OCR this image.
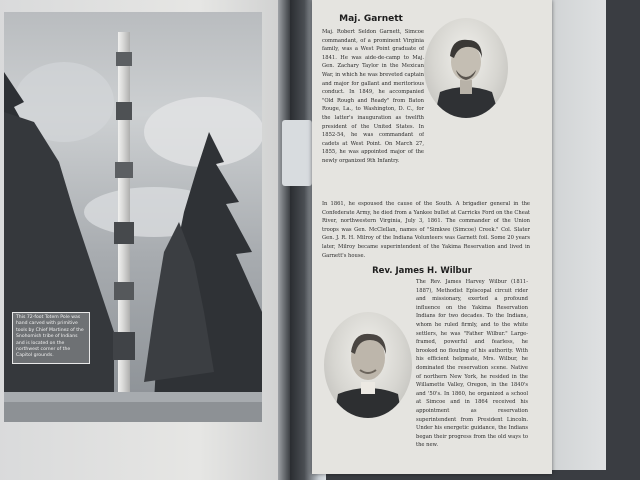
This 72-foot Totem Pole was hand carved with primitive tools by Chief Martinez of the Snohomish tribe of Indians and is located on the northwest corner of the Capitol grounds.
Maj. Garnett
Maj. Robert Seldon Garnett, Simcoe commandant, of a prominent Virginia family, was a West Point graduate of 1841. He was aide-de-camp to Maj. Gen. Zachary Taylor in the Mexican War, in which he was breveted captain and major for gallant and meritorious conduct. In 1849, he accompanied "Old Rough and Ready" from Baton Rouge, La., to Washington, D. C., for the latter's inauguration as twelfth president of the United States. In 1852-54, he was commandant of cadets at West Point. On March 27, 1855, he was appointed major of the newly organized 9th Infantry.
In 1861, he espoused the cause of the South. A brigadier general in the Confederate Army, he died from a Yankee bullet at Carricks Ford on the Cheat River, northwestern Virginia, July 3, 1861. The commander of the Union troops was Gen. McClellan, names of "Simkwe (Simcoe) Creek." Col. Slater Gen. J. R. H. Milroy of the Indiana Volunteers was Garnett foil. Some 20 years later, Milroy became superintendent of the Yakima Reservation and lived in Garnett's house.
Rev. James H. Wilbur
The Rev. James Harvey Wilbur (1811-1887), Methodist Episcopal circuit rider and missionary, exerted a profound influence on the Yakima Reservation Indians for two decades. To the Indians, whom he ruled firmly, and to the white settlers, he was "Father Wilbur." Large-framed, powerful and fearless, he brooked no flouting of his authority. With his efficient helpmate, Mrs. Wilbur, he dominated the reservation scene. Native of northern New York, he resided in the Willamette Valley, Oregon, in the 1840's and '50's. In 1860, he organized a school at Simcoe and in 1864 received his appointment as reservation superintendent from President Lincoln. Under his energetic guidance, the Indians began their progress from the old ways to the new.
